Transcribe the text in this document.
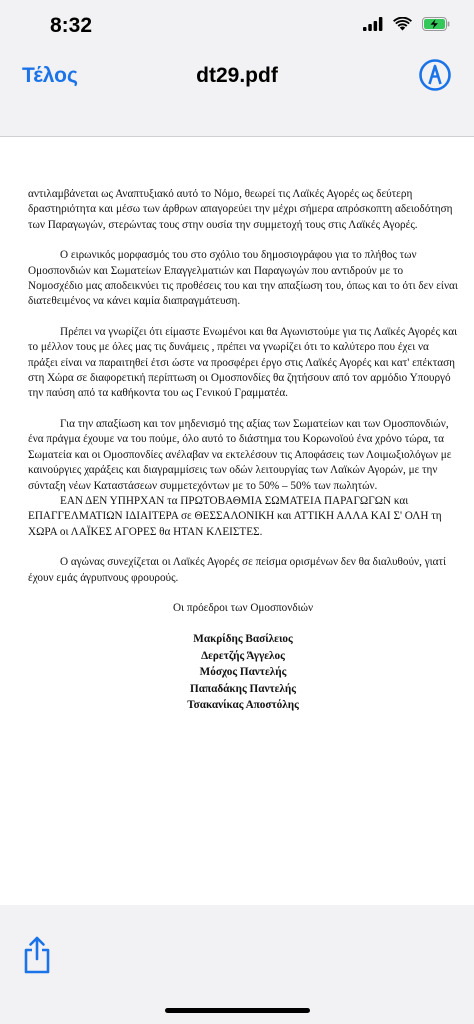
8:32
Τέλος	dt29.pdf

αντιλαμβάνεται ως Αναπτυξιακό αυτό το Νόμο, θεωρεί τις Λαϊκές Αγορές ως δεύτερη δραστηριότητα και μέσω των άρθρων απαγορεύει την μέχρι σήμερα απρόσκοπτη αδειοδότηση των Παραγωγών, στερώντας τους στην ουσία την συμμετοχή τους στις Λαϊκές Αγορές.

Ο ειρωνικός μορφασμός του στο σχόλιο του δημοσιογράφου για το πλήθος των Ομοσπονδιών και Σωματείων Επαγγελματιών και Παραγωγών που αντιδρούν με το Νομοσχέδιο μας αποδεικνύει τις προθέσεις του και την απαξίωση του, όπως και το ότι δεν είναι διατεθειμένος να κάνει καμία διαπραγμάτευση.

Πρέπει να γνωρίζει ότι είμαστε Ενωμένοι και θα Αγωνιστούμε για τις Λαϊκές Αγορές και το μέλλον τους με όλες μας τις δυνάμεις , πρέπει να γνωρίζει ότι το καλύτερο που έχει να πράξει είναι να παραιτηθεί έτσι ώστε να προσφέρει έργο στις Λαϊκές Αγορές και κατ' επέκταση στη Χώρα σε διαφορετική περίπτωση οι Ομοσπονδίες θα ζητήσουν από τον αρμόδιο Υπουργό την παύση από τα καθήκοντα του ως Γενικού Γραμματέα.

Για την απαξίωση και τον μηδενισμό της αξίας των Σωματείων και των Ομοσπονδιών, ένα πράγμα έχουμε να του πούμε, όλο αυτό το διάστημα του Κορωνοϊού ένα χρόνο τώρα, τα Σωματεία και οι Ομοσπονδίες ανέλαβαν να εκτελέσουν τις Αποφάσεις των Λοιμωξιολόγων με καινούργιες χαράξεις και διαγραμμίσεις των οδών λειτουργίας των Λαϊκών Αγορών, με την σύνταξη νέων Καταστάσεων συμμετεχόντων με το 50% – 50% των πωλητών.

ΕΑΝ ΔΕΝ ΥΠΗΡΧΑΝ τα ΠΡΩΤΟΒΑΘΜΙΑ ΣΩΜΑΤΕΙΑ ΠΑΡΑΓΩΓΩΝ και ΕΠΑΓΓΕΛΜΑΤΙΩΝ ΙΔΙΑΙΤΕΡΑ σε ΘΕΣΣΑΛΟΝΙΚΗ και ΑΤΤΙΚΗ ΑΛΛΑ ΚΑΙ Σ' ΟΛΗ τη ΧΩΡΑ οι ΛΑΪΚΕΣ ΑΓΟΡΕΣ θα ΗΤΑΝ ΚΛΕΙΣΤΕΣ.

Ο αγώνας συνεχίζεται οι Λαϊκές Αγορές σε πείσμα ορισμένων δεν θα διαλυθούν, γιατί έχουν εμάς άγρυπνους φρουρούς.

Οι πρόεδροι των Ομοσπονδιών

Μακρίδης Βασίλειος
Δερετζής Άγγελος
Μόσχος Παντελής
Παπαδάκης Παντελής
Τσακανίκας Αποστόλης
